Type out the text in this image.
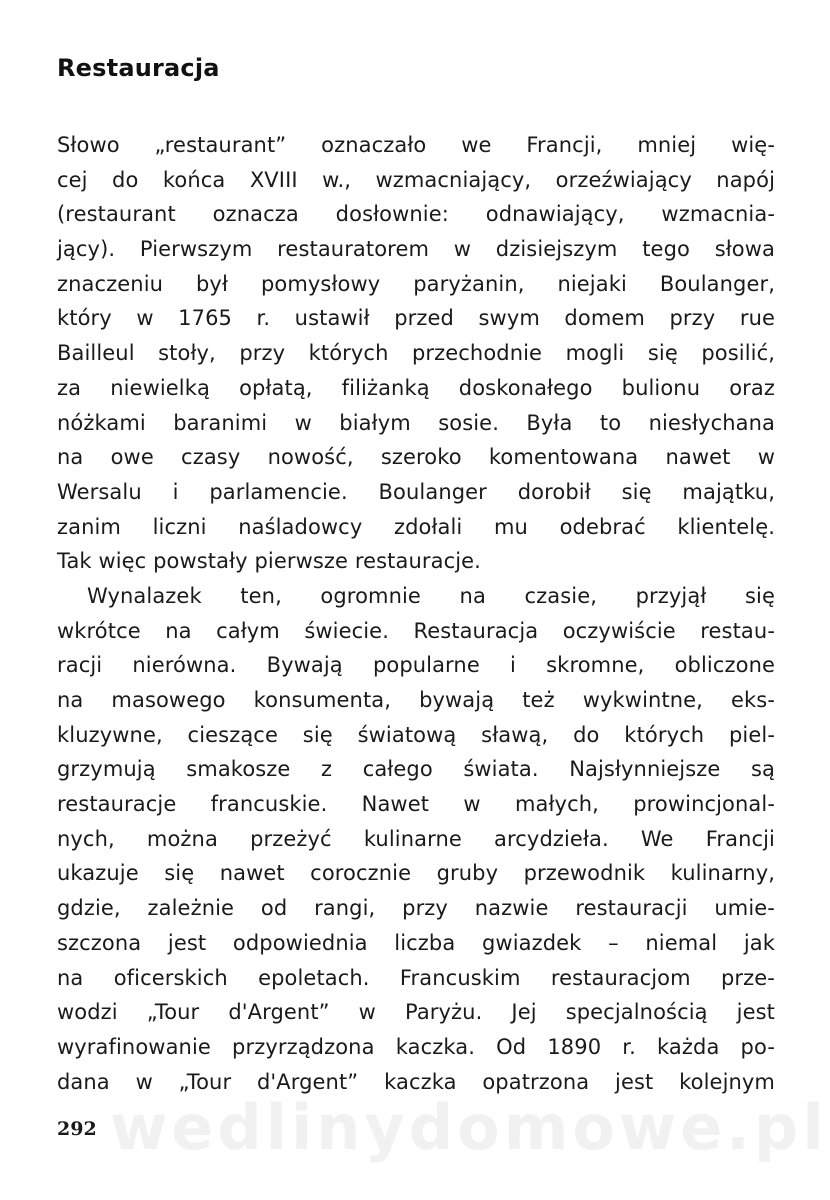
Restauracja
Słowo „restaurant” oznaczało we Francji, mniej wię-
cej do końca XVIII w., wzmacniający, orzeźwiający napój
(restaurant oznacza dosłownie: odnawiający, wzmacnia-
jący). Pierwszym restauratorem w dzisiejszym tego słowa
znaczeniu był pomysłowy paryżanin, niejaki Boulanger,
który w 1765 r. ustawił przed swym domem przy rue
Bailleul stoły, przy których przechodnie mogli się posilić,
za niewielką opłatą, filiżanką doskonałego bulionu oraz
nóżkami baranimi w białym sosie. Była to niesłychana
na owe czasy nowość, szeroko komentowana nawet w
Wersalu i parlamencie. Boulanger dorobił się majątku,
zanim liczni naśladowcy zdołali mu odebrać klientelę.
Tak więc powstały pierwsze restauracje.
Wynalazek ten, ogromnie na czasie, przyjął się
wkrótce na całym świecie. Restauracja oczywiście restau-
racji nierówna. Bywają popularne i skromne, obliczone
na masowego konsumenta, bywają też wykwintne, eks-
kluzywne, cieszące się światową sławą, do których piel-
grzymują smakosze z całego świata. Najsłynniejsze są
restauracje francuskie. Nawet w małych, prowincjonal-
nych, można przeżyć kulinarne arcydzieła. We Francji
ukazuje się nawet corocznie gruby przewodnik kulinarny,
gdzie, zależnie od rangi, przy nazwie restauracji umie-
szczona jest odpowiednia liczba gwiazdek – niemal jak
na oficerskich epoletach. Francuskim restauracjom prze-
wodzi „Tour d'Argent” w Paryżu. Jej specjalnością jest
wyrafinowanie przyrządzona kaczka. Od 1890 r. każda po-
dana w „Tour d'Argent” kaczka opatrzona jest kolejnym
wedlinydomowe.pl
292
